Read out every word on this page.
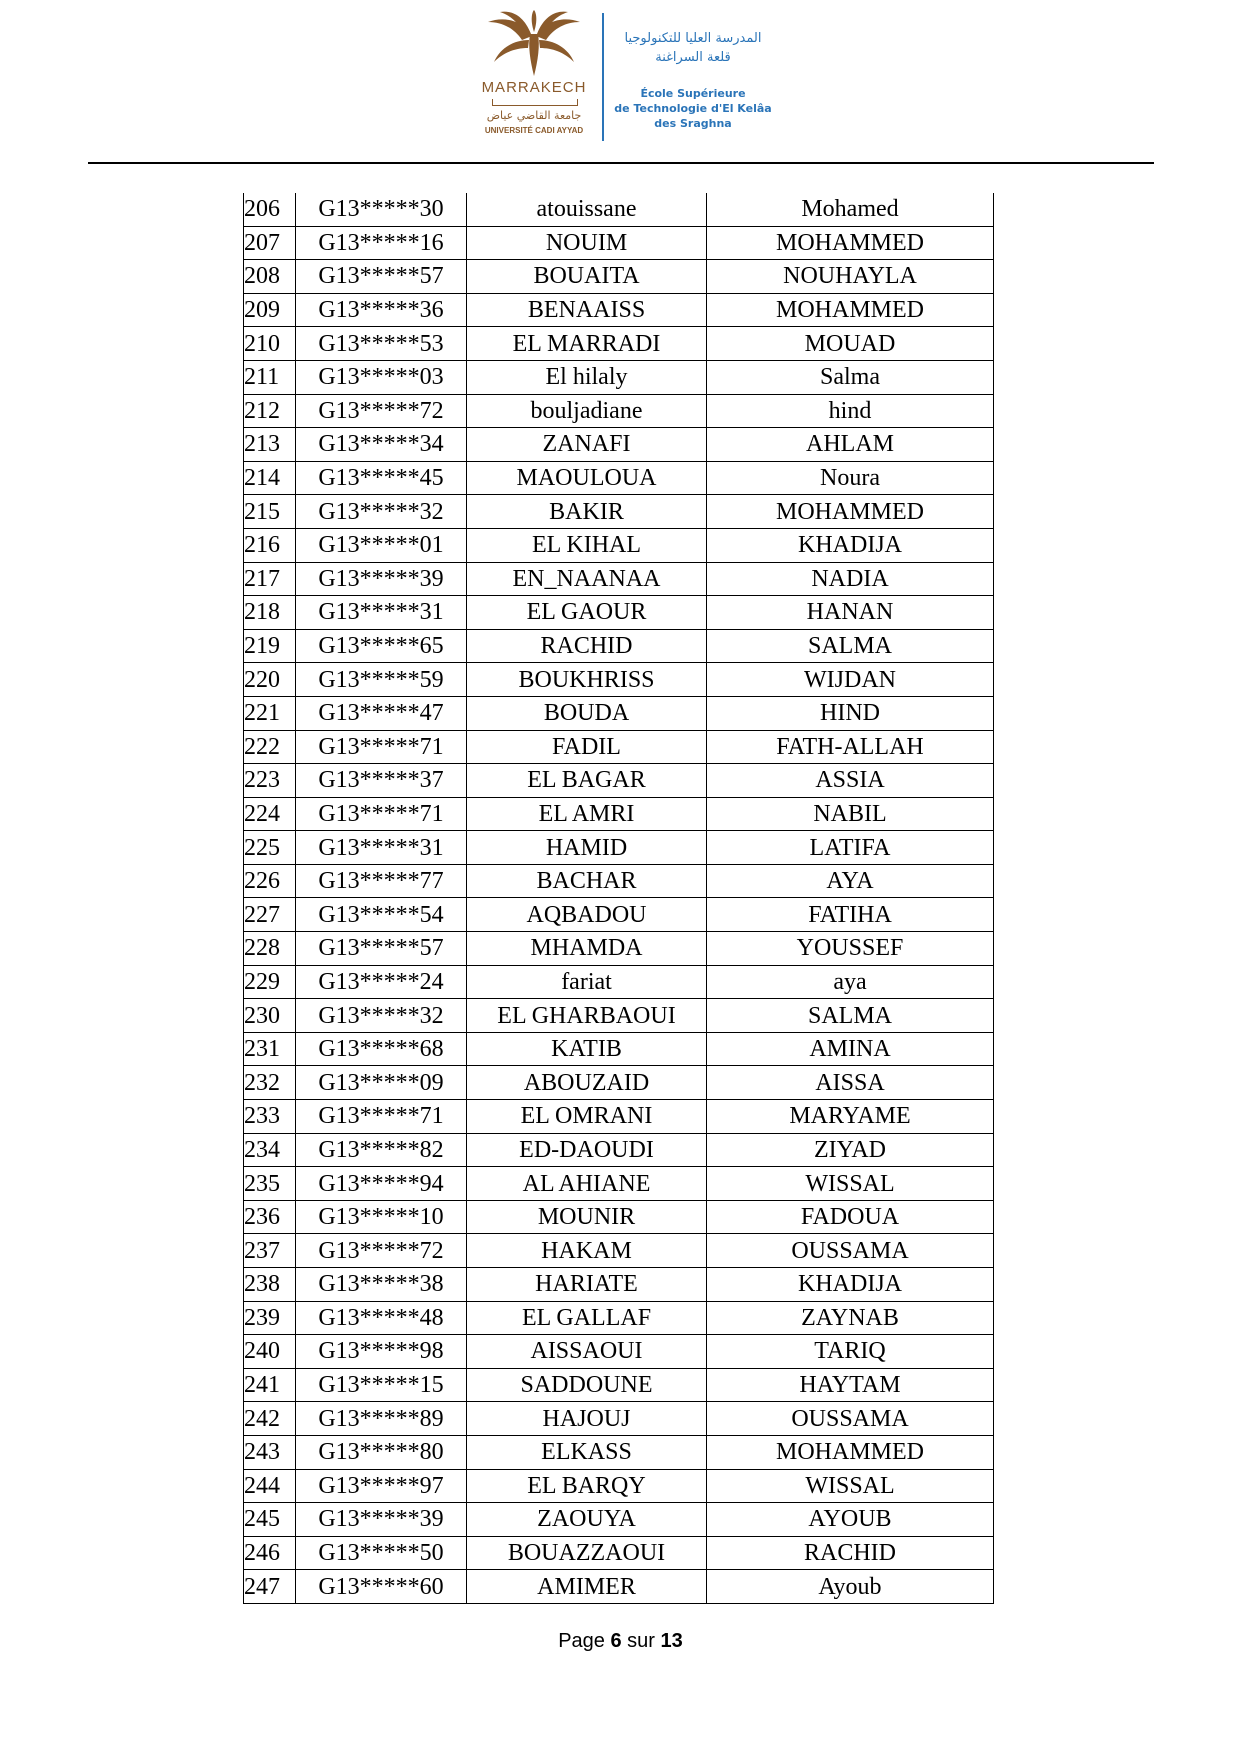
MARRAKECH
جامعة القاضي عياض
UNIVERSITÉ CADI AYYAD
المدرسة العليا للتكنولوجيا
قلعة السراغنة
École Supérieure
de Technologie d'El Kelâa
des Sraghna
206	G13*****30	atouissane	Mohamed
207	G13*****16	NOUIM	MOHAMMED
208	G13*****57	BOUAITA	NOUHAYLA
209	G13*****36	BENAAISS	MOHAMMED
210	G13*****53	EL MARRADI	MOUAD
211	G13*****03	El hilaly	Salma
212	G13*****72	bouljadiane	hind
213	G13*****34	ZANAFI	AHLAM
214	G13*****45	MAOULOUA	Noura
215	G13*****32	BAKIR	MOHAMMED
216	G13*****01	EL KIHAL	KHADIJA
217	G13*****39	EN_NAANAA	NADIA
218	G13*****31	EL GAOUR	HANAN
219	G13*****65	RACHID	SALMA
220	G13*****59	BOUKHRISS	WIJDAN
221	G13*****47	BOUDA	HIND
222	G13*****71	FADIL	FATH-ALLAH
223	G13*****37	EL BAGAR	ASSIA
224	G13*****71	EL AMRI	NABIL
225	G13*****31	HAMID	LATIFA
226	G13*****77	BACHAR	AYA
227	G13*****54	AQBADOU	FATIHA
228	G13*****57	MHAMDA	YOUSSEF
229	G13*****24	fariat	aya
230	G13*****32	EL GHARBAOUI	SALMA
231	G13*****68	KATIB	AMINA
232	G13*****09	ABOUZAID	AISSA
233	G13*****71	EL OMRANI	MARYAME
234	G13*****82	ED-DAOUDI	ZIYAD
235	G13*****94	AL AHIANE	WISSAL
236	G13*****10	MOUNIR	FADOUA
237	G13*****72	HAKAM	OUSSAMA
238	G13*****38	HARIATE	KHADIJA
239	G13*****48	EL GALLAF	ZAYNAB
240	G13*****98	AISSAOUI	TARIQ
241	G13*****15	SADDOUNE	HAYTAM
242	G13*****89	HAJOUJ	OUSSAMA
243	G13*****80	ELKASS	MOHAMMED
244	G13*****97	EL BARQY	WISSAL
245	G13*****39	ZAOUYA	AYOUB
246	G13*****50	BOUAZZAOUI	RACHID
247	G13*****60	AMIMER	Ayoub
Page 6 sur 13
